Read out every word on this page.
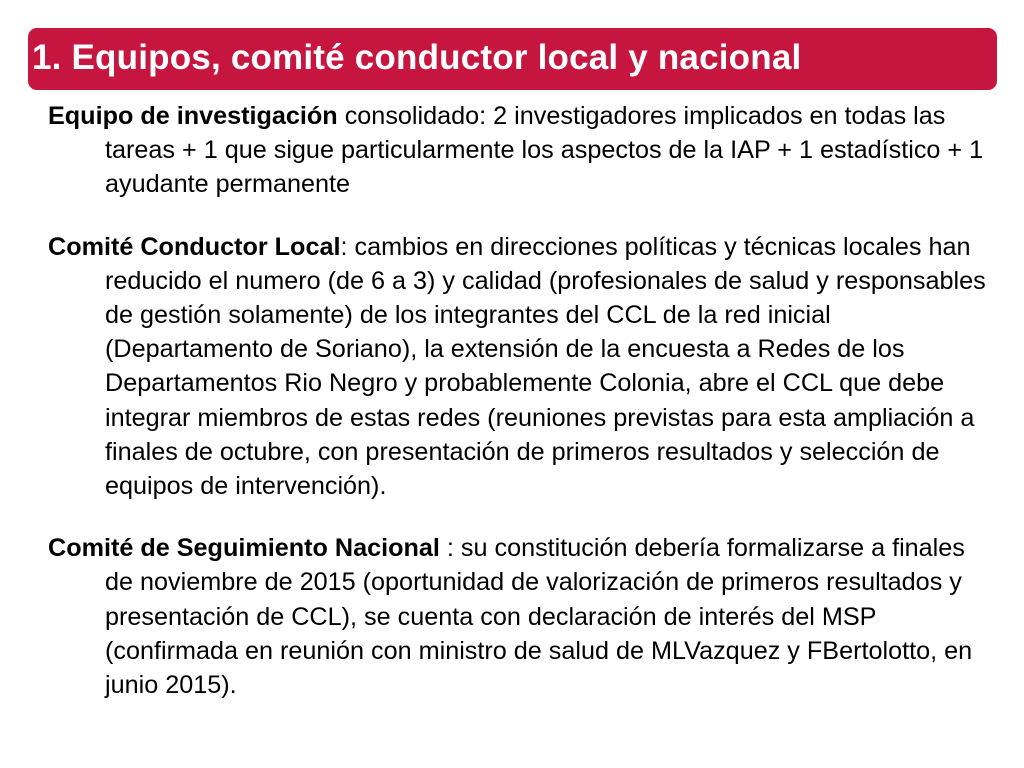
1. Equipos, comité conductor local y nacional

Equipo de investigación consolidado: 2 investigadores implicados en todas las tareas + 1 que sigue particularmente los aspectos de la IAP + 1 estadístico + 1 ayudante permanente

Comité Conductor Local: cambios en direcciones políticas y técnicas locales han reducido el numero (de 6 a 3) y calidad (profesionales de salud y responsables de gestión solamente) de los integrantes del CCL de la red inicial (Departamento de Soriano), la extensión de la encuesta a Redes de los Departamentos Rio Negro y probablemente Colonia, abre el CCL que debe integrar miembros de estas redes (reuniones previstas para esta ampliación a finales de octubre, con presentación de primeros resultados y selección de equipos de intervención).

Comité de Seguimiento Nacional : su constitución debería formalizarse a finales de noviembre de 2015 (oportunidad de valorización de primeros resultados y presentación de CCL), se cuenta con declaración de interés del MSP (confirmada en reunión con ministro de salud de MLVazquez y FBertolotto, en junio 2015).
